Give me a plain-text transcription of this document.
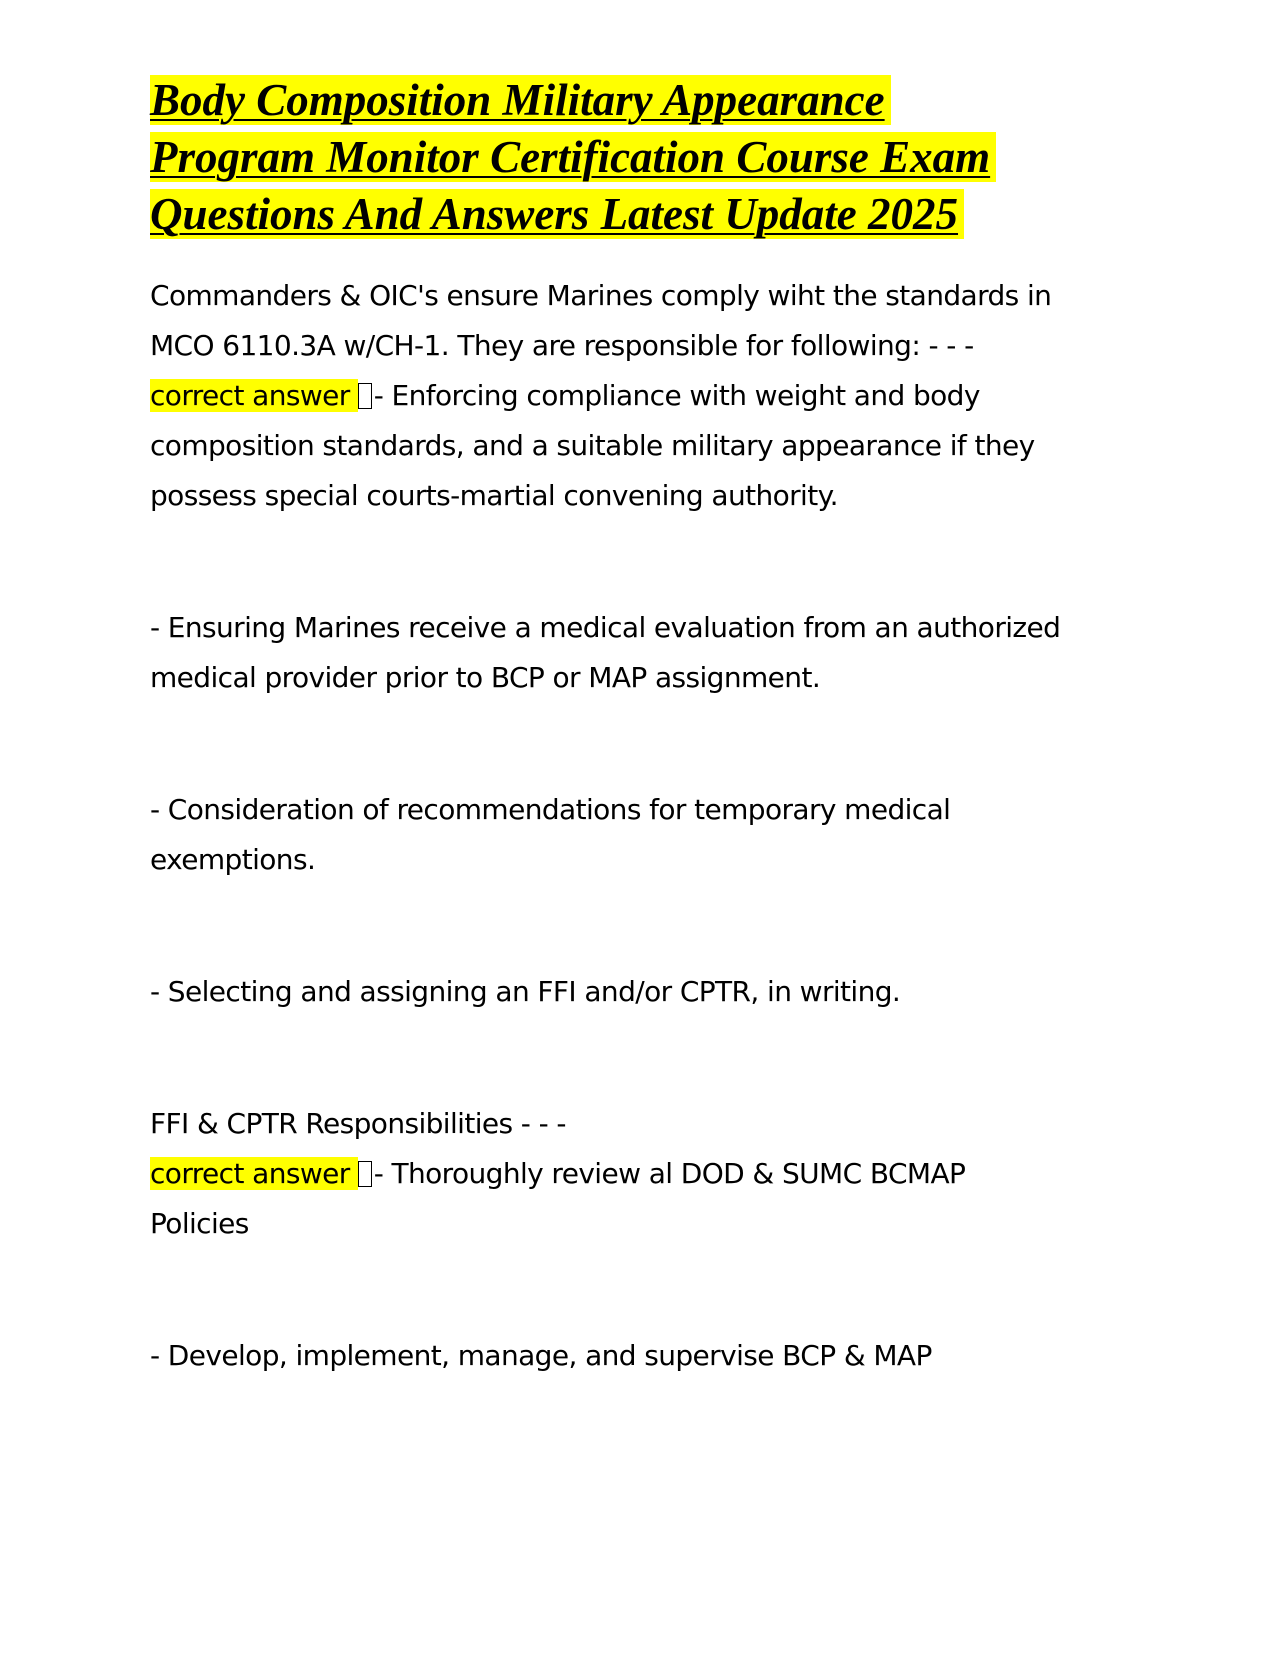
Body Composition Military Appearance
Program Monitor Certification Course Exam
Questions And Answers Latest Update 2025
Commanders & OIC's ensure Marines comply wiht the standards in
MCO 6110.3A w/CH-1. They are responsible for following: - - -
correct answer - Enforcing compliance with weight and body
composition standards, and a suitable military appearance if they
possess special courts-martial convening authority.
- Ensuring Marines receive a medical evaluation from an authorized
medical provider prior to BCP or MAP assignment.
- Consideration of recommendations for temporary medical
exemptions.
- Selecting and assigning an FFI and/or CPTR, in writing.
FFI & CPTR Responsibilities - - -
correct answer - Thoroughly review al DOD & SUMC BCMAP
Policies
- Develop, implement, manage, and supervise BCP & MAP
